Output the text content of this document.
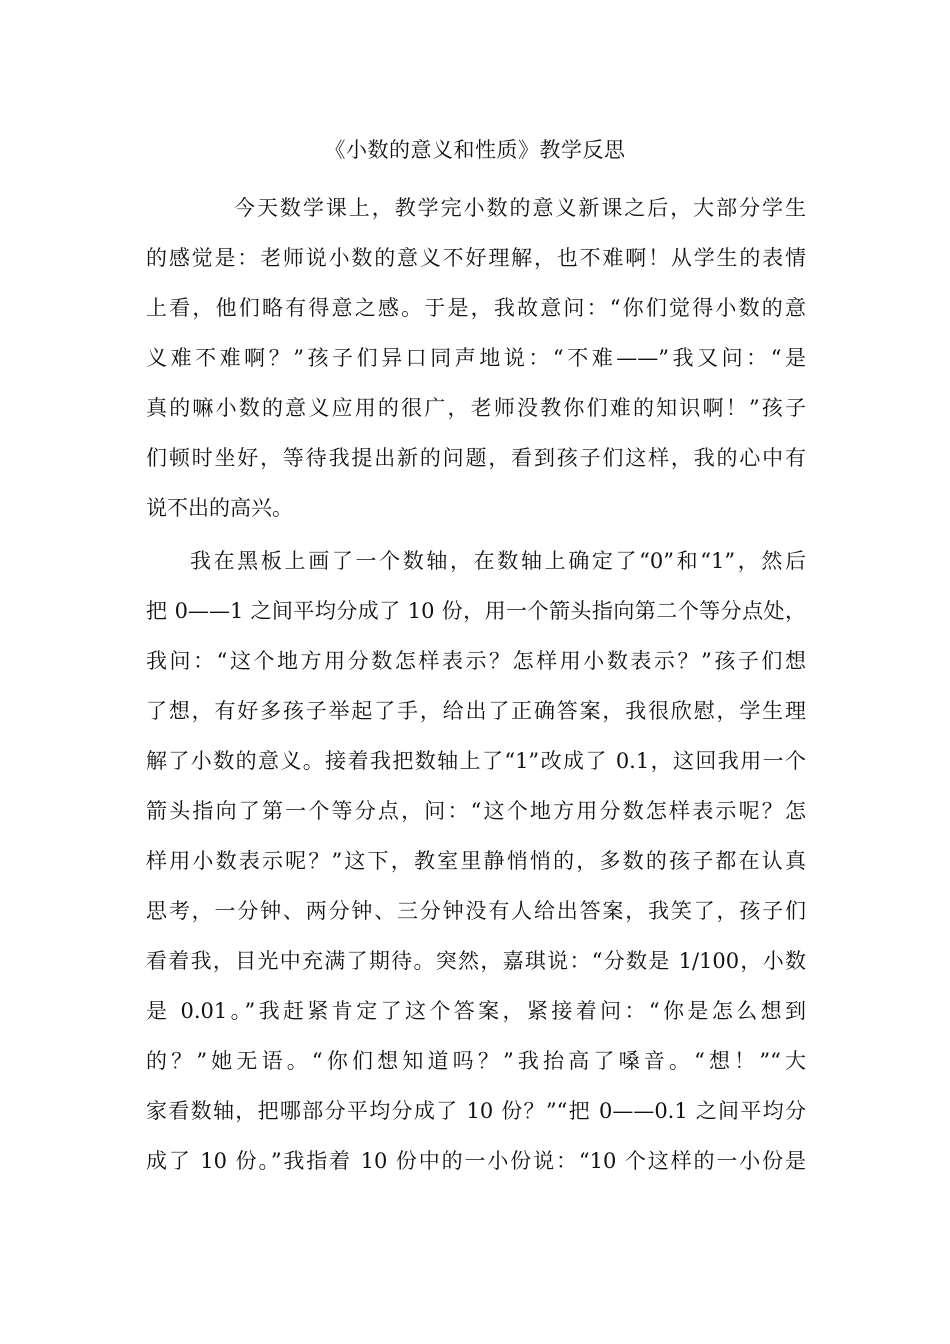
《小数的意义和性质》教学反思
今天数学课上，教学完小数的意义新课之后，大部分学生
的感觉是：老师说小数的意义不好理解，也不难啊！从学生的表情
上看，他们略有得意之感。于是，我故意问：“你们觉得小数的意
义难不难啊？”孩子们异口同声地说：“不难——”我又问：“是
真的嘛小数的意义应用的很广，老师没教你们难的知识啊！”孩子
们顿时坐好，等待我提出新的问题，看到孩子们这样，我的心中有
说不出的高兴。
我在黑板上画了一个数轴，在数轴上确定了“0”和“1”，然后
把 0——1 之间平均分成了 10 份，用一个箭头指向第二个等分点处，
我问：“这个地方用分数怎样表示？怎样用小数表示？”孩子们想
了想，有好多孩子举起了手，给出了正确答案，我很欣慰，学生理
解了小数的意义。接着我把数轴上了“1”改成了 0.1，这回我用一个
箭头指向了第一个等分点，问：“这个地方用分数怎样表示呢？怎
样用小数表示呢？”这下，教室里静悄悄的，多数的孩子都在认真
思考，一分钟、两分钟、三分钟没有人给出答案，我笑了，孩子们
看着我，目光中充满了期待。突然，嘉琪说：“分数是 1/100，小数
是 0.01。”我赶紧肯定了这个答案，紧接着问：“你是怎么想到
的？”她无语。“你们想知道吗？”我抬高了嗓音。“想！”“大
家看数轴，把哪部分平均分成了 10 份？”“把 0——0.1 之间平均分
成了 10 份。”我指着 10 份中的一小份说：“10 个这样的一小份是
